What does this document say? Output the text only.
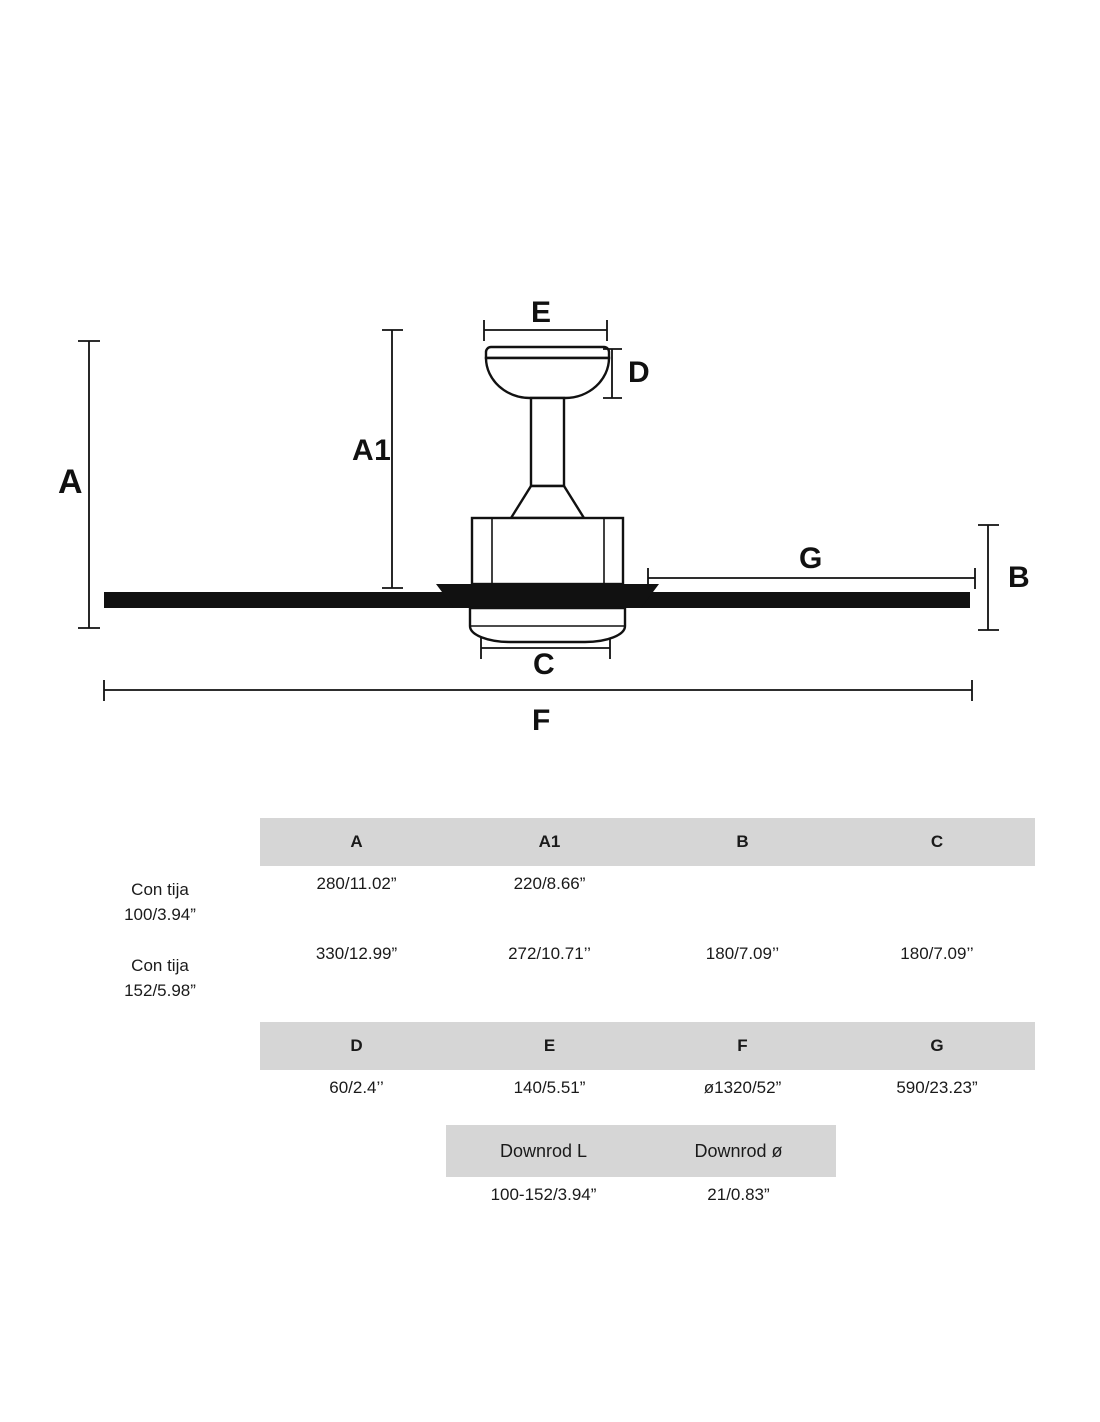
A
A1
E
D
G
B
C
F
	A	A1	B	C

Con tija
100/3.94”	280/11.02”	220/8.66”		

Con tija
152/5.98”	330/12.99”	272/10.71’’	180/7.09’’	180/7.09’’
	D	E	F	G
	60/2.4’’	140/5.51”	ø1320/52”	590/23.23”
Downrod L	Downrod ø
100-152/3.94”	21/0.83”
